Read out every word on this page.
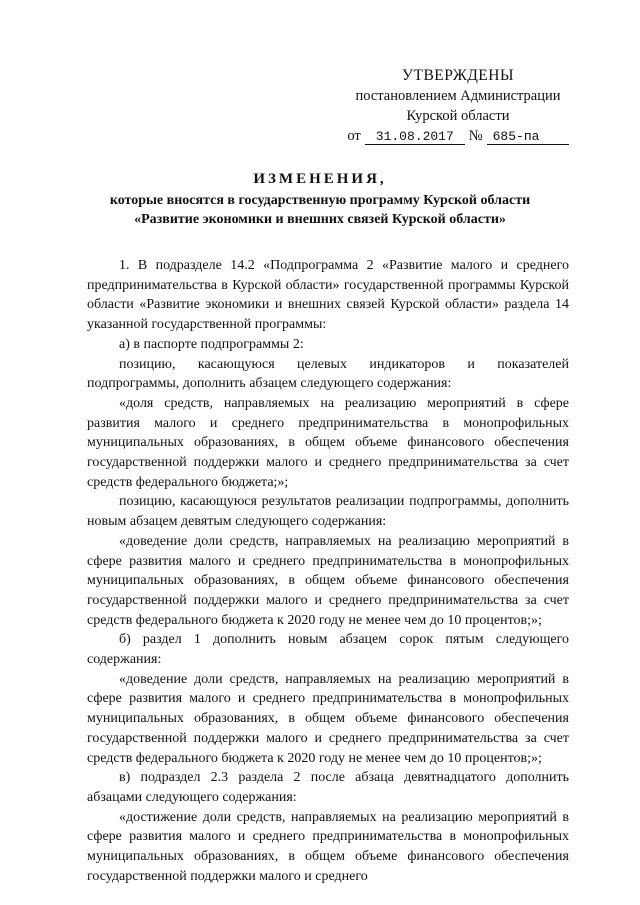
УТВЕРЖДЕНЫ
постановлением Администрации
Курской области
от	31.08.2017	№ 685-па
ИЗМЕНЕНИЯ,
которые вносятся в государственную программу Курской области
«Развитие экономики и внешних связей Курской области»

1. В подразделе 14.2 «Подпрограмма 2 «Развитие малого и среднего предпринимательства в Курской области» государственной программы Курской области «Развитие экономики и внешних связей Курской области» раздела 14 указанной государственной программы:

а) в паспорте подпрограммы 2:

позицию, касающуюся целевых индикаторов и показателей подпрограммы, дополнить абзацем следующего содержания:

«доля средств, направляемых на реализацию мероприятий в сфере развития малого и среднего предпринимательства в монопрофильных муниципальных образованиях, в общем объеме финансового обеспечения государственной поддержки малого и среднего предпринимательства за счет средств федерального бюджета;»;

позицию, касающуюся результатов реализации подпрограммы, дополнить новым абзацем девятым следующего содержания:

«доведение доли средств, направляемых на реализацию мероприятий в сфере развития малого и среднего предпринимательства в монопрофильных муниципальных образованиях, в общем объеме финансового обеспечения государственной поддержки малого и среднего предпринимательства за счет средств федерального бюджета к 2020 году не менее чем до 10 процентов;»;

б) раздел 1 дополнить новым абзацем сорок пятым следующего содержания:

«доведение доли средств, направляемых на реализацию мероприятий в сфере развития малого и среднего предпринимательства в монопрофильных муниципальных образованиях, в общем объеме финансового обеспечения государственной поддержки малого и среднего предпринимательства за счет средств федерального бюджета к 2020 году не менее чем до 10 процентов;»;

в) подраздел 2.3 раздела 2 после абзаца девятнадцатого дополнить абзацами следующего содержания:

«достижение доли средств, направляемых на реализацию мероприятий в сфере развития малого и среднего предпринимательства в монопрофильных муниципальных образованиях, в общем объеме финансового обеспечения государственной поддержки малого и среднего
